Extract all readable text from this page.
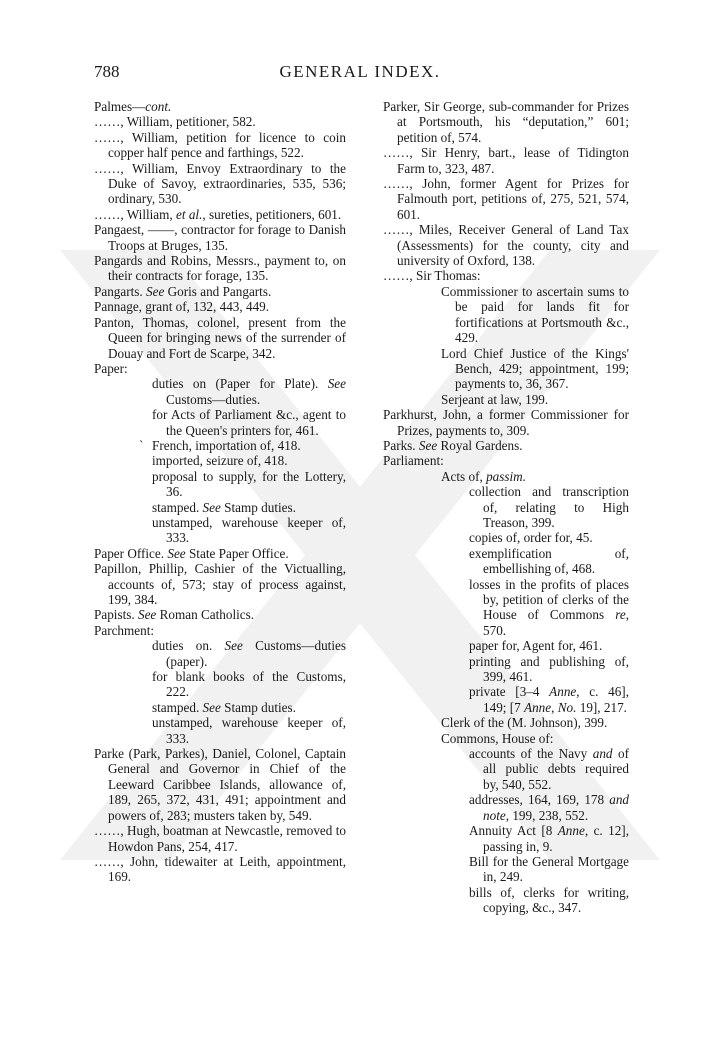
788	GENERAL INDEX.

Palmes—cont.

……, William, petitioner, 582.

……, William, petition for licence to coin copper half pence and farthings, 522.

……, William, Envoy Extraordinary to the Duke of Savoy, extraordinaries, 535, 536; ordinary, 530.

……, William, et al., sureties, petitioners, 601.

Pangaest, ——, contractor for forage to Danish Troops at Bruges, 135.

Pangards and Robins, Messrs., payment to, on their contracts for forage, 135.

Pangarts. See Goris and Pangarts.

Pannage, grant of, 132, 443, 449.

Panton, Thomas, colonel, present from the Queen for bringing news of the surrender of Douay and Fort de Scarpe, 342.

Paper:

duties on (Paper for Plate). See Customs—duties.

for Acts of Parliament &c., agent to the Queen's printers for, 461.

` French, importation of, 418.

imported, seizure of, 418.

proposal to supply, for the Lottery, 36.

stamped. See Stamp duties.

unstamped, warehouse keeper of, 333.

Paper Office. See State Paper Office.

Papillon, Phillip, Cashier of the Victualling, accounts of, 573; stay of process against, 199, 384.

Papists. See Roman Catholics.

Parchment:

duties on. See Customs—duties (paper).

for blank books of the Customs, 222.

stamped. See Stamp duties.

unstamped, warehouse keeper of, 333.

Parke (Park, Parkes), Daniel, Colonel, Captain General and Governor in Chief of the Leeward Caribbee Islands, allowance of, 189, 265, 372, 431, 491; appointment and powers of, 283; musters taken by, 549.

……, Hugh, boatman at Newcastle, removed to Howdon Pans, 254, 417.

……, John, tidewaiter at Leith, appointment, 169.

Parker, Sir George, sub-commander for Prizes at Portsmouth, his “deputation,” 601; petition of, 574.

……, Sir Henry, bart., lease of Tidington Farm to, 323, 487.

……, John, former Agent for Prizes for Falmouth port, petitions of, 275, 521, 574, 601.

……, Miles, Receiver General of Land Tax (Assessments) for the county, city and university of Oxford, 138.

……, Sir Thomas:

Commissioner to ascertain sums to be paid for lands fit for fortifications at Portsmouth &c., 429.

Lord Chief Justice of the Kings' Bench, 429; appointment, 199; payments to, 36, 367.

Serjeant at law, 199.

Parkhurst, John, a former Commissioner for Prizes, payments to, 309.

Parks. See Royal Gardens.

Parliament:

Acts of, passim.

collection and transcription of, relating to High Treason, 399.

copies of, order for, 45.

exemplification of, embellishing of, 468.

losses in the profits of places by, petition of clerks of the House of Commons re, 570.

paper for, Agent for, 461.

printing and publishing of, 399, 461.

private [3–4 Anne, c. 46], 149; [7 Anne, No. 19], 217.

Clerk of the (M. Johnson), 399.

Commons, House of:

accounts of the Navy and of all public debts required by, 540, 552.

addresses, 164, 169, 178 and note, 199, 238, 552.

Annuity Act [8 Anne, c. 12], passing in, 9.

Bill for the General Mortgage in, 249.

bills of, clerks for writing, copying, &c., 347.
